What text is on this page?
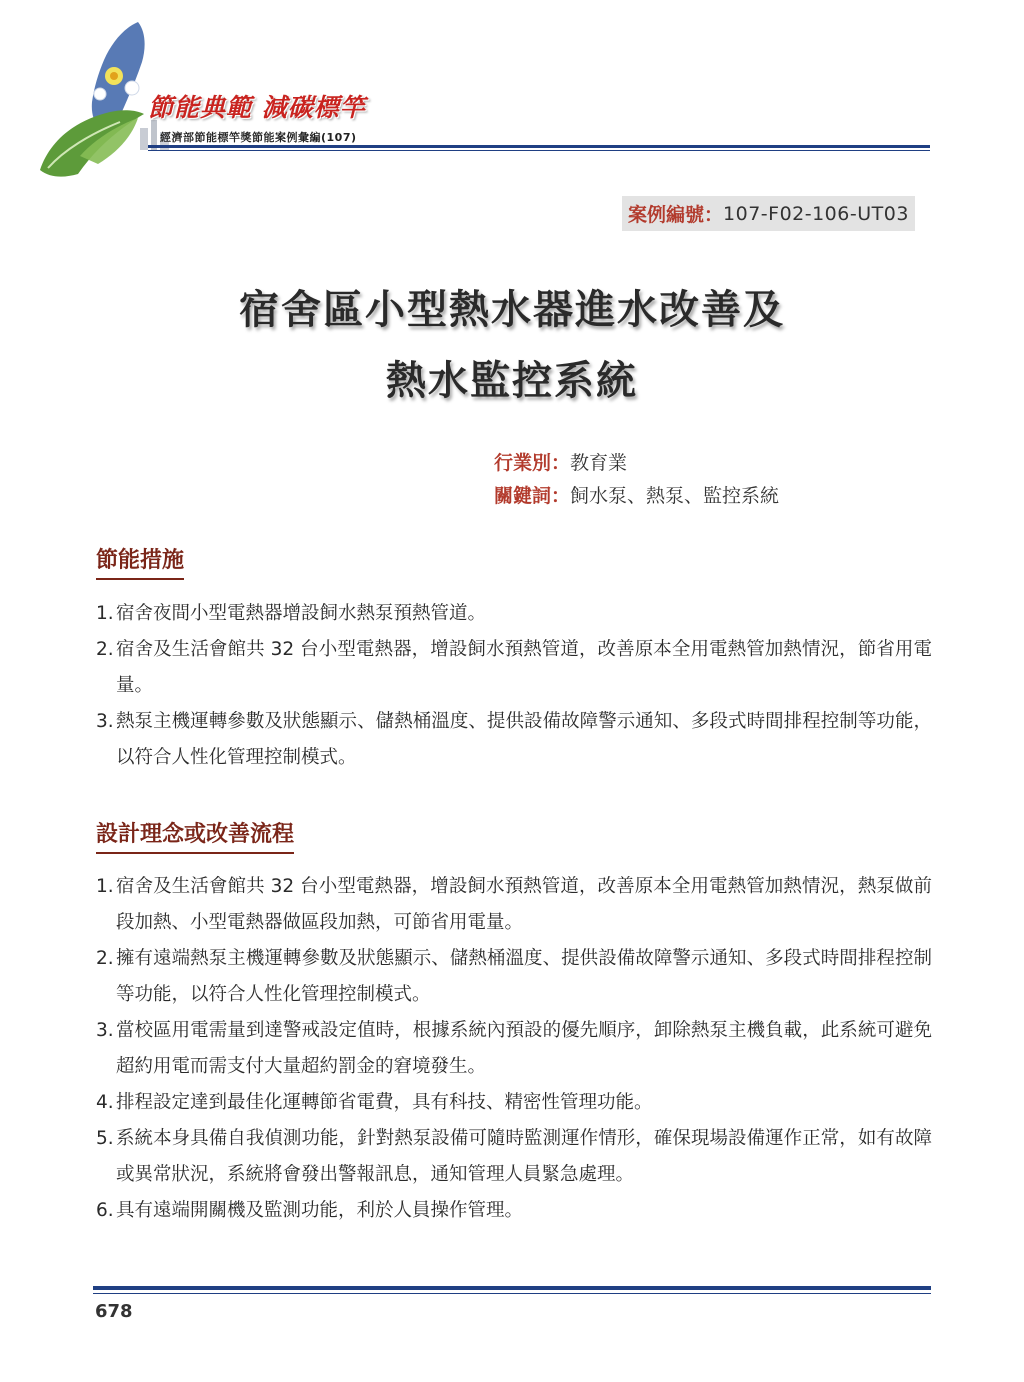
節能典範 減碳標竿
經濟部節能標竿獎節能案例彙編(107)
案例編號： 107-F02-106-UT03
宿舍區小型熱水器進水改善及
熱水監控系統
行業別：教育業
關鍵詞：飼水泵、熱泵、監控系統
節能措施
1. 宿舍夜間小型電熱器增設飼水熱泵預熱管道。
2. 宿舍及生活會館共 32 台小型電熱器，增設飼水預熱管道，改善原本全用電熱管加熱情況，節省用電量。
3. 熱泵主機運轉參數及狀態顯示、儲熱桶溫度、提供設備故障警示通知、多段式時間排程控制等功能，以符合人性化管理控制模式。
設計理念或改善流程
1. 宿舍及生活會館共 32 台小型電熱器，增設飼水預熱管道，改善原本全用電熱管加熱情況，熱泵做前段加熱、小型電熱器做區段加熱，可節省用電量。
2. 擁有遠端熱泵主機運轉參數及狀態顯示、儲熱桶溫度、提供設備故障警示通知、多段式時間排程控制等功能，以符合人性化管理控制模式。
3. 當校區用電需量到達警戒設定值時，根據系統內預設的優先順序，卸除熱泵主機負載，此系統可避免超約用電而需支付大量超約罰金的窘境發生。
4. 排程設定達到最佳化運轉節省電費，具有科技、精密性管理功能。
5. 系統本身具備自我偵測功能，針對熱泵設備可隨時監測運作情形，確保現場設備運作正常，如有故障或異常狀況，系統將會發出警報訊息，通知管理人員緊急處理。
6. 具有遠端開關機及監測功能，利於人員操作管理。
678
